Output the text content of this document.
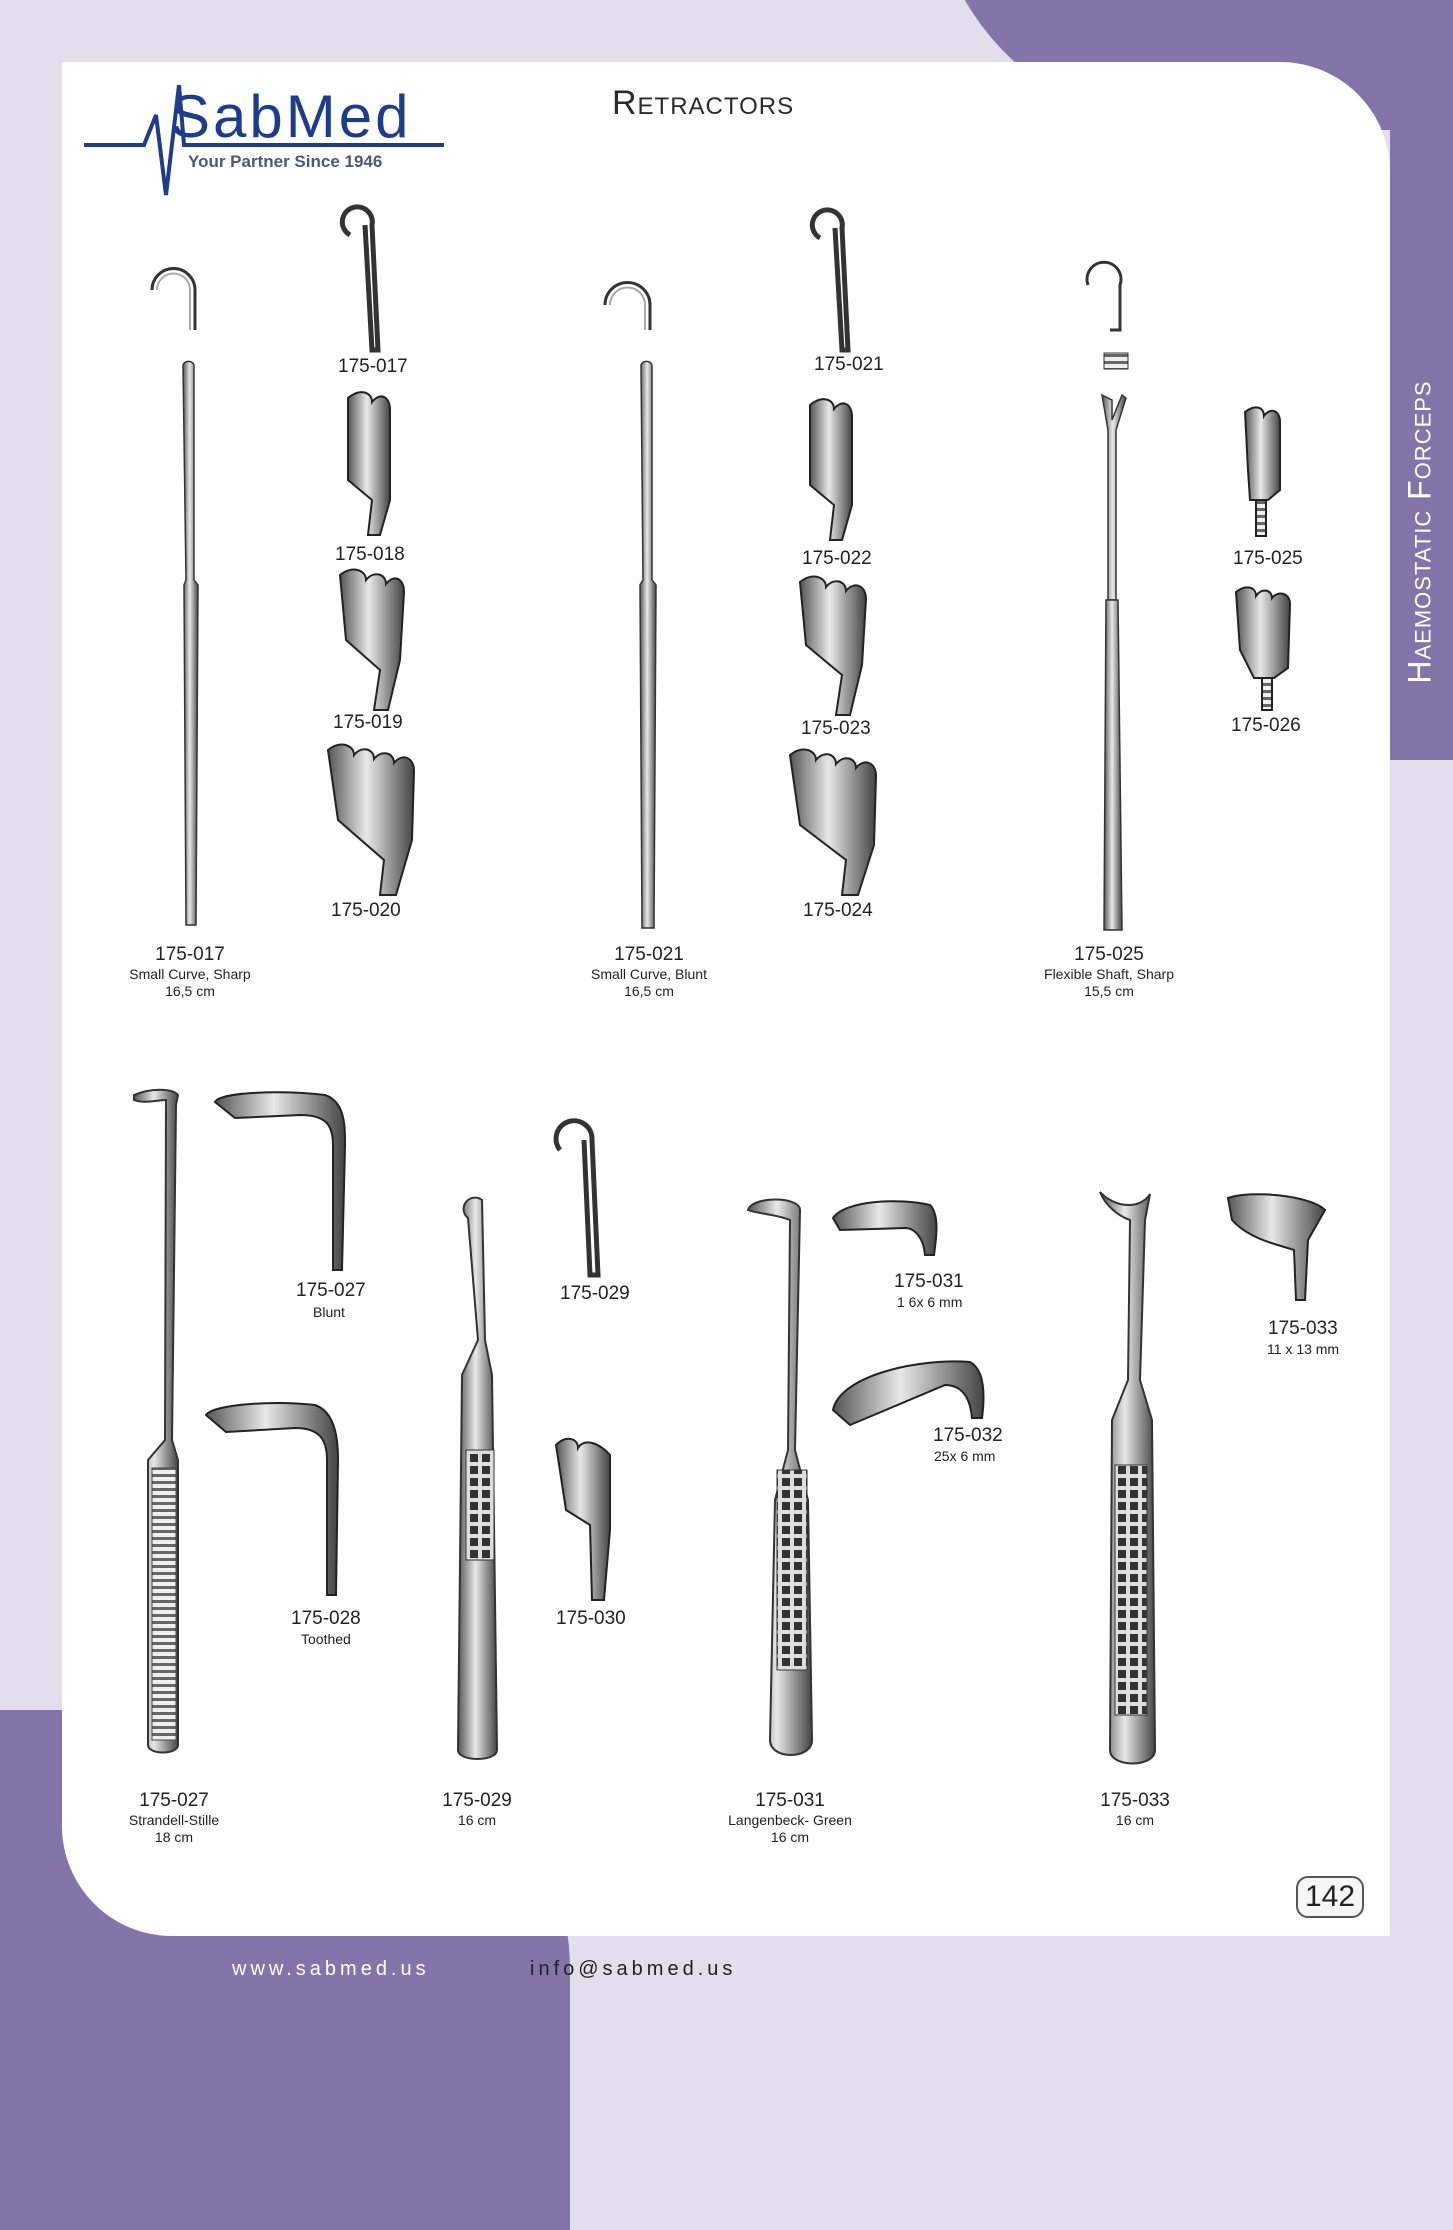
SabMed
Your Partner Since 1946
Retractors
Haemostatic Forceps
175-017
175-018
175-019
175-020
175-021
175-022
175-023
175-024
175-025
175-026
175-017
Small Curve, Sharp
16,5 cm
175-021
Small Curve, Blunt
16,5 cm
175-025
Flexible Shaft, Sharp
15,5 cm
175-027
Blunt
175-028
Toothed
175-029
175-030
175-031
1 6x 6 mm
175-032
25x 6 mm
175-033
11 x 13 mm
175-027
Strandell-Stille
18 cm
175-029
16 cm
175-031
Langenbeck- Green
16 cm
175-033
16 cm
142
www.sabmed.us	info@sabmed.us
